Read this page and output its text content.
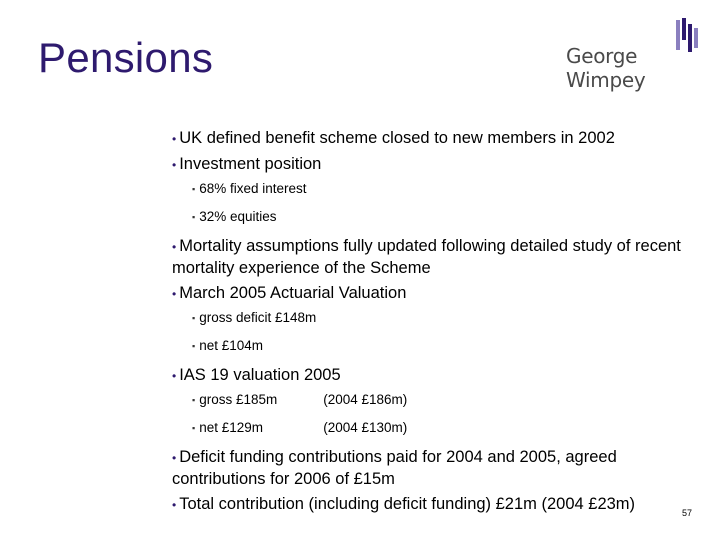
Pensions	George Wimpey
• UK defined benefit scheme closed to new members in 2002
• Investment position
▪ 68% fixed interest
▪ 32% equities
• Mortality assumptions fully updated following detailed study of recent mortality experience of the Scheme
• March 2005 Actuarial Valuation
▪ gross deficit £148m
▪ net £104m
• IAS 19 valuation 2005
▪ gross £185m	(2004 £186m)
▪ net £129m	(2004 £130m)
• Deficit funding contributions paid for 2004 and 2005, agreed contributions for 2006 of £15m
• Total contribution (including deficit funding) £21m (2004 £23m)	57
